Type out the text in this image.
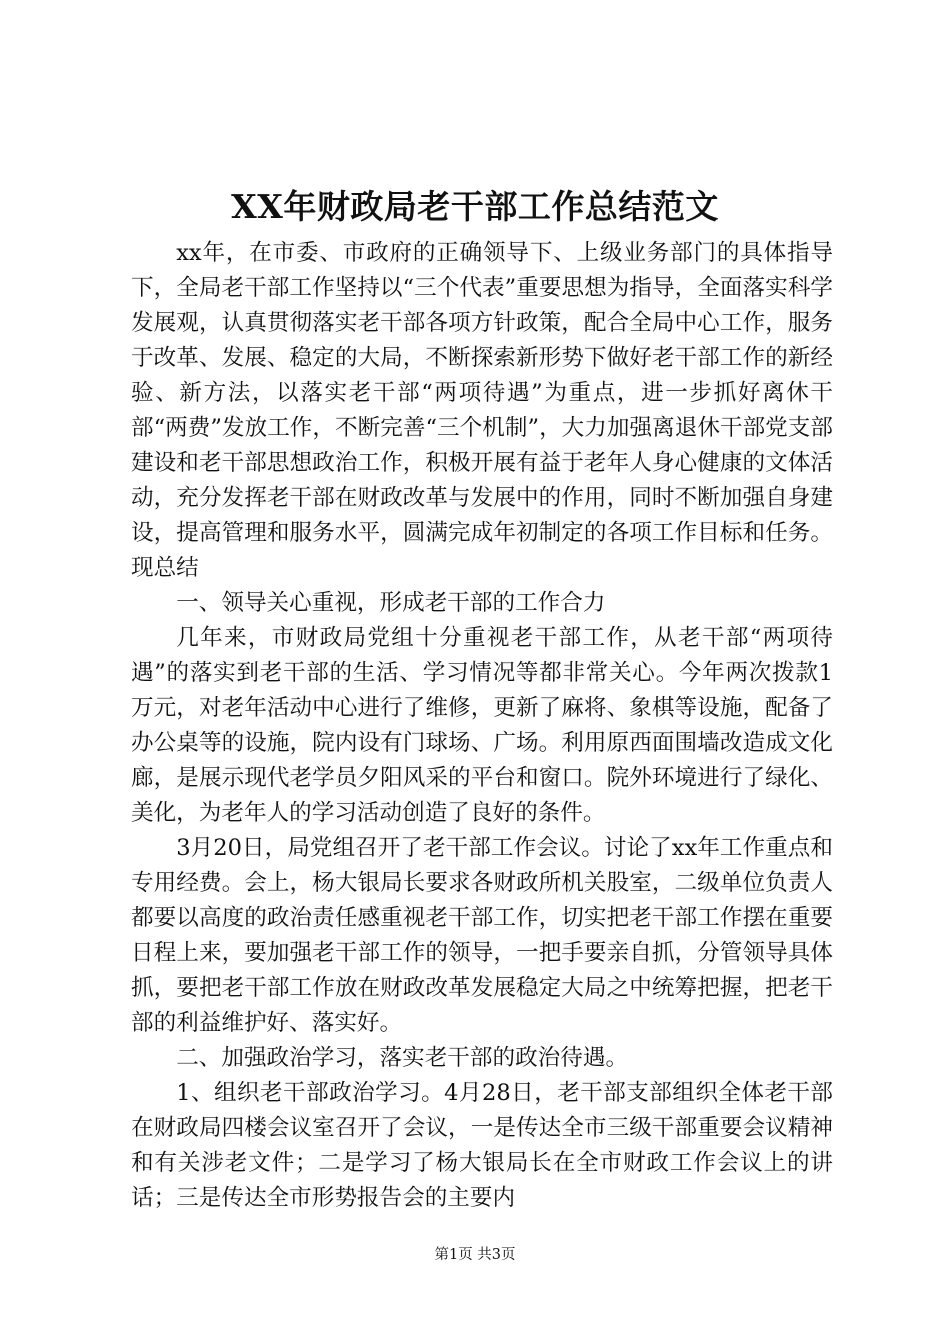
XX年财政局老干部工作总结范文

xx年，在市委、市政府的正确领导下、上级业务部门的具体指导下，全局老干部工作坚持以“三个代表”重要思想为指导，全面落实科学发展观，认真贯彻落实老干部各项方针政策，配合全局中心工作，服务于改革、发展、稳定的大局，不断探索新形势下做好老干部工作的新经验、新方法，以落实老干部“两项待遇”为重点，进一步抓好离休干部“两费”发放工作，不断完善“三个机制”，大力加强离退休干部党支部建设和老干部思想政治工作，积极开展有益于老年人身心健康的文体活动，充分发挥老干部在财政改革与发展中的作用，同时不断加强自身建设，提高管理和服务水平，圆满完成年初制定的各项工作目标和任务。现总结

一、领导关心重视，形成老干部的工作合力

几年来，市财政局党组十分重视老干部工作，从老干部“两项待遇”的落实到老干部的生活、学习情况等都非常关心。今年两次拨款1万元，对老年活动中心进行了维修，更新了麻将、象棋等设施，配备了办公桌等的设施，院内设有门球场、广场。利用原西面围墙改造成文化廊，是展示现代老学员夕阳风采的平台和窗口。院外环境进行了绿化、美化，为老年人的学习活动创造了良好的条件。

3月20日，局党组召开了老干部工作会议。讨论了xx年工作重点和专用经费。会上，杨大银局长要求各财政所机关股室，二级单位负责人都要以高度的政治责任感重视老干部工作，切实把老干部工作摆在重要日程上来，要加强老干部工作的领导，一把手要亲自抓，分管领导具体抓，要把老干部工作放在财政改革发展稳定大局之中统筹把握，把老干部的利益维护好、落实好。

二、加强政治学习，落实老干部的政治待遇。

1、组织老干部政治学习。4月28日，老干部支部组织全体老干部在财政局四楼会议室召开了会议，一是传达全市三级干部重要会议精神和有关涉老文件；二是学习了杨大银局长在全市财政工作会议上的讲话；三是传达全市形势报告会的主要内

第1页 共3页
